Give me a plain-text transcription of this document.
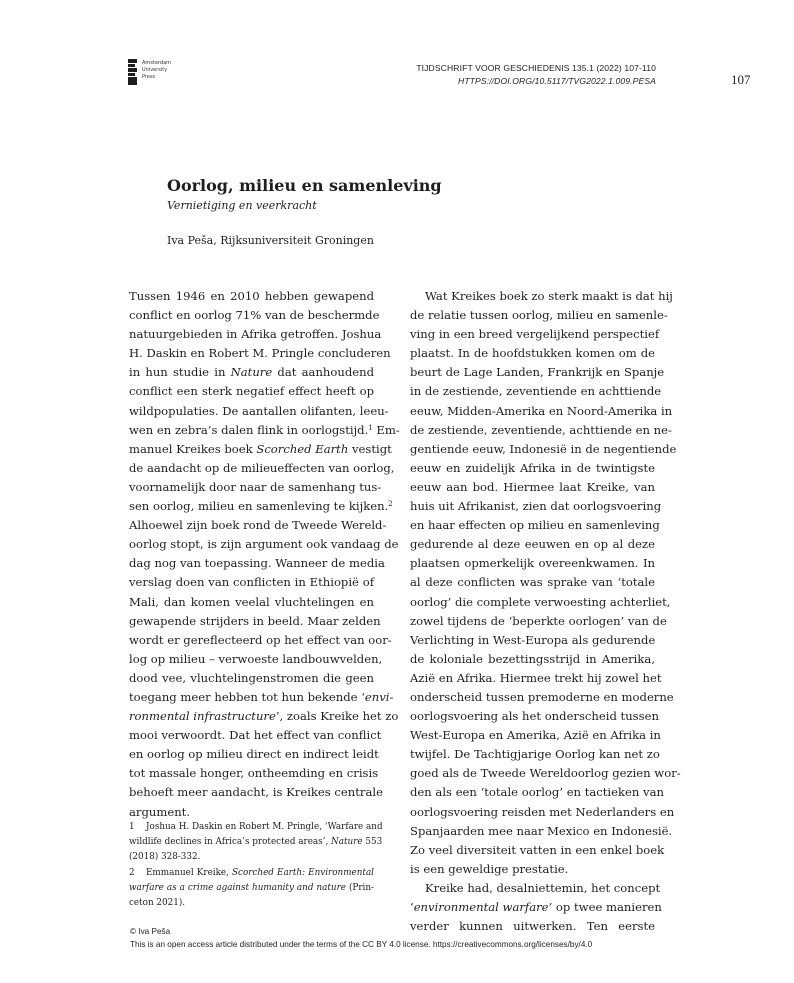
Amsterdam
University
Press
TIJDSCHRIFT VOOR GESCHIEDENIS 135.1 (2022) 107-110
HTTPS://DOI.ORG/10.5117/TVG2022.1.009.PESA	107
Oorlog, milieu en samenleving
Vernietiging en veerkracht
Iva Peša, Rijksuniversiteit Groningen
Tussen 1946 en 2010 hebben gewapend
conflict en oorlog 71% van de beschermde
natuurgebieden in Afrika getroffen. Joshua
H. Daskin en Robert M. Pringle concluderen
in hun studie in Nature dat aanhoudend
conflict een sterk negatief effect heeft op
wildpopulaties. De aantallen olifanten, leeu-
wen en zebra’s dalen flink in oorlogstijd.$^1$ Em-
manuel Kreikes boek Scorched Earth vestigt
de aandacht op de milieueffecten van oorlog,
voornamelijk door naar de samenhang tus-
sen oorlog, milieu en samenleving te kijken.$^2$
Alhoewel zijn boek rond de Tweede Wereld-
oorlog stopt, is zijn argument ook vandaag de
dag nog van toepassing. Wanneer de media
verslag doen van conflicten in Ethiopië of
Mali, dan komen veelal vluchtelingen en
gewapende strijders in beeld. Maar zelden
wordt er gereflecteerd op het effect van oor-
log op milieu – verwoeste landbouwvelden,
dood vee, vluchtelingenstromen die geen
toegang meer hebben tot hun bekende ‘envi-
ronmental infrastructure’, zoals Kreike het zo
mooi verwoordt. Dat het effect van conflict
en oorlog op milieu direct en indirect leidt
tot massale honger, ontheemding en crisis
behoeft meer aandacht, is Kreikes centrale
argument.
Wat Kreikes boek zo sterk maakt is dat hij
de relatie tussen oorlog, milieu en samenle-
ving in een breed vergelijkend perspectief
plaatst. In de hoofdstukken komen om de
beurt de Lage Landen, Frankrijk en Spanje
in de zestiende, zeventiende en achttiende
eeuw, Midden-Amerika en Noord-Amerika in
de zestiende, zeventiende, achttiende en ne-
gentiende eeuw, Indonesië in de negentiende
eeuw en zuidelijk Afrika in de twintigste
eeuw aan bod. Hiermee laat Kreike, van
huis uit Afrikanist, zien dat oorlogsvoering
en haar effecten op milieu en samenleving
gedurende al deze eeuwen en op al deze
plaatsen opmerkelijk overeenkwamen. In
al deze conflicten was sprake van ‘totale
oorlog’ die complete verwoesting achterliet,
zowel tijdens de ‘beperkte oorlogen’ van de
Verlichting in West-Europa als gedurende
de koloniale bezettingsstrijd in Amerika,
Azië en Afrika. Hiermee trekt hij zowel het
onderscheid tussen premoderne en moderne
oorlogsvoering als het onderscheid tussen
West-Europa en Amerika, Azië en Afrika in
twijfel. De Tachtigjarige Oorlog kan net zo
goed als de Tweede Wereldoorlog gezien wor-
den als een ‘totale oorlog’ en tactieken van
oorlogsvoering reisden met Nederlanders en
Spanjaarden mee naar Mexico en Indonesië.
Zo veel diversiteit vatten in een enkel boek
is een geweldige prestatie.
Kreike had, desalniettemin, het concept
‘environmental warfare’ op twee manieren
verder kunnen uitwerken. Ten eerste
1 Joshua H. Daskin en Robert M. Pringle, ‘Warfare and
wildlife declines in Africa’s protected areas’, Nature 553
(2018) 328-332.
2 Emmanuel Kreike, Scorched Earth: Environmental
warfare as a crime against humanity and nature (Prin-
ceton 2021).
© Iva Peša
This is an open access article distributed under the terms of the CC BY 4.0 license. https://creativecommons.org/licenses/by/4.0
